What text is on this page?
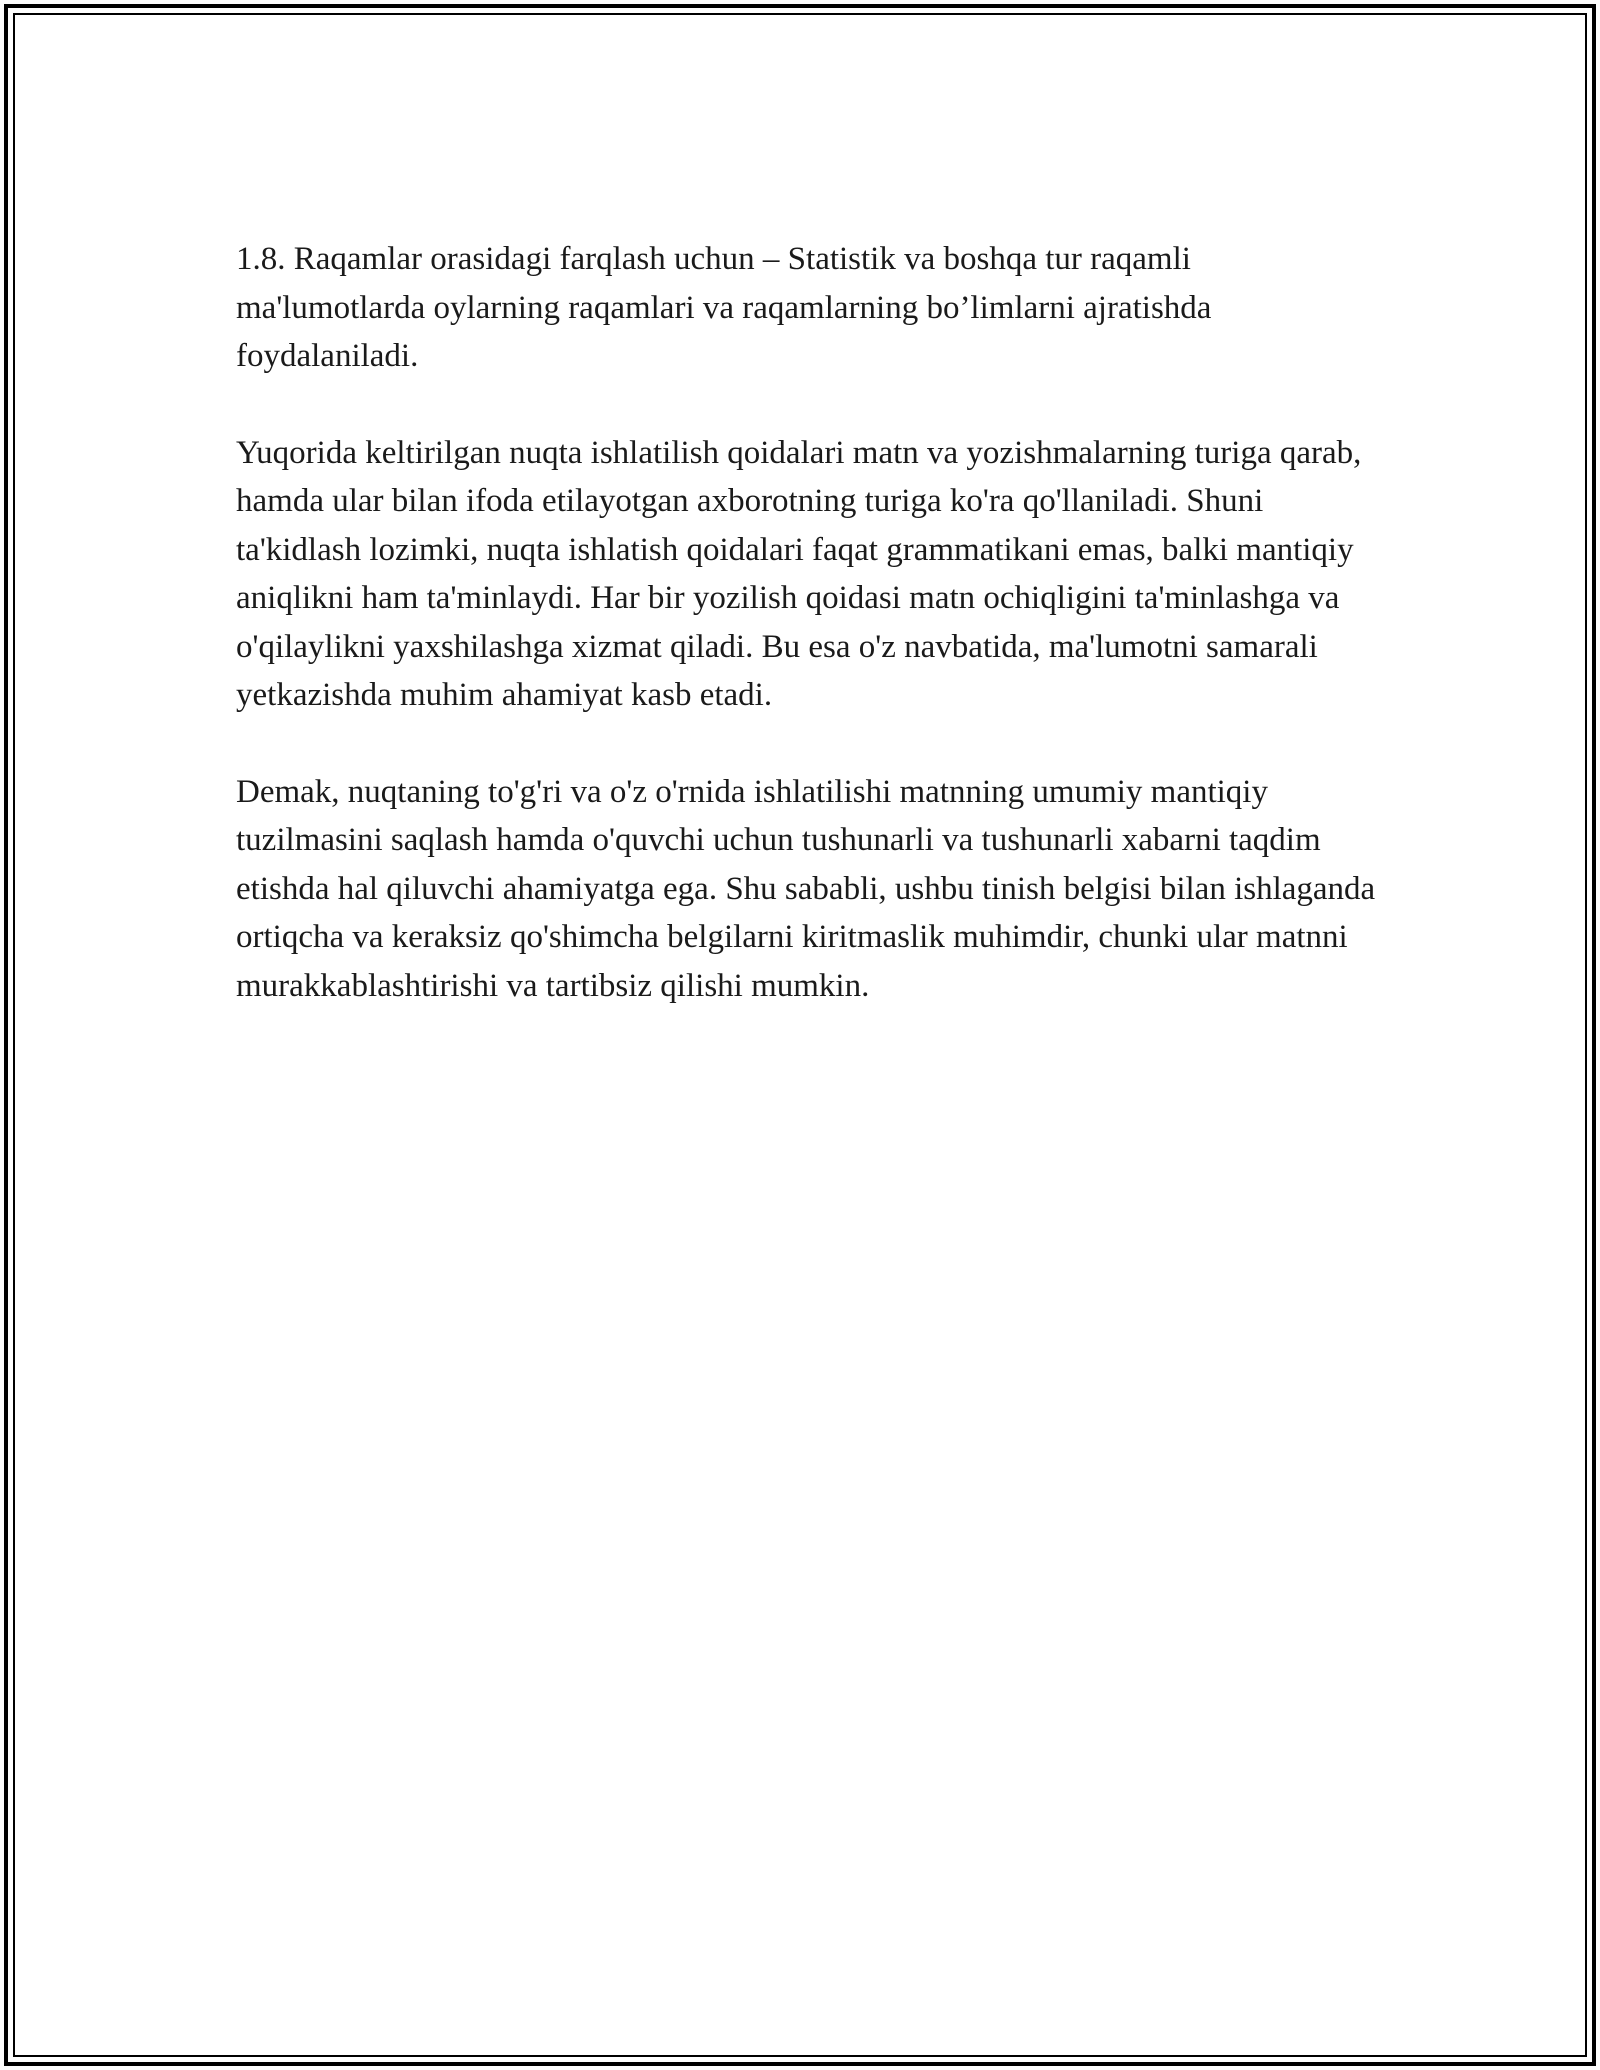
1.8. Raqamlar orasidagi farqlash uchun – Statistik va boshqa tur raqamli ma'lumotlarda oylarning raqamlari va raqamlarning bo’limlarni ajratishda foydalaniladi.

Yuqorida keltirilgan nuqta ishlatilish qoidalari matn va yozishmalarning turiga qarab, hamda ular bilan ifoda etilayotgan axborotning turiga ko'ra qo'llaniladi. Shuni ta'kidlash lozimki, nuqta ishlatish qoidalari faqat grammatikani emas, balki mantiqiy aniqlikni ham ta'minlaydi. Har bir yozilish qoidasi matn ochiqligini ta'minlashga va o'qilaylikni yaxshilashga xizmat qiladi. Bu esa o'z navbatida, ma'lumotni samarali yetkazishda muhim ahamiyat kasb etadi.

Demak, nuqtaning to'g'ri va o'z o'rnida ishlatilishi matnning umumiy mantiqiy tuzilmasini saqlash hamda o'quvchi uchun tushunarli va tushunarli xabarni taqdim etishda hal qiluvchi ahamiyatga ega. Shu sababli, ushbu tinish belgisi bilan ishlaganda ortiqcha va keraksiz qo'shimcha belgilarni kiritmaslik muhimdir, chunki ular matnni murakkablashtirishi va tartibsiz qilishi mumkin.
